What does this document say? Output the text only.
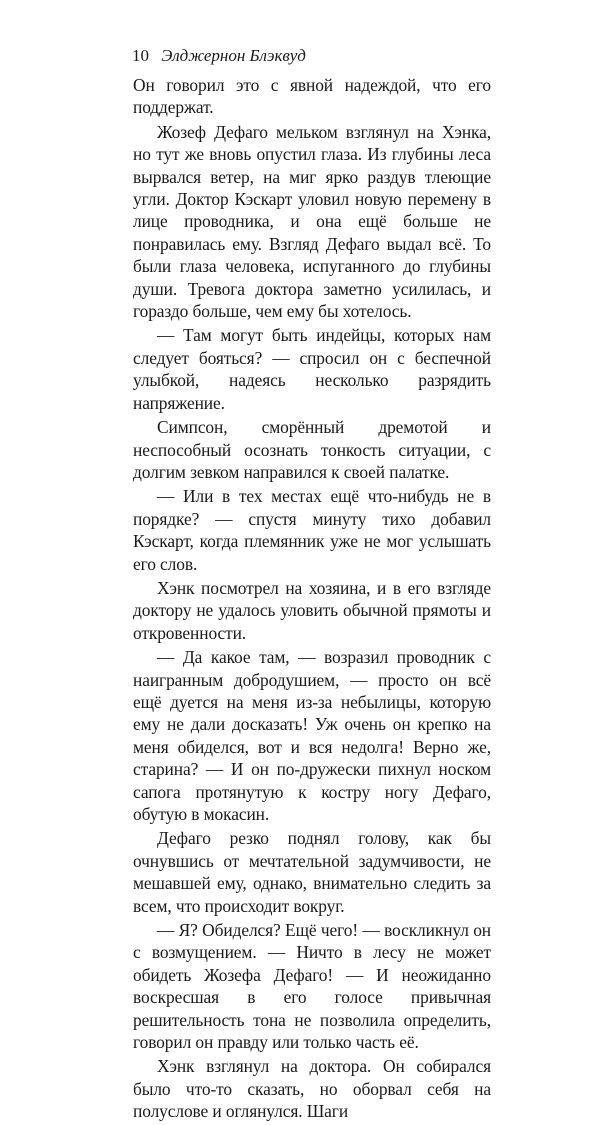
10 Элджернон Блэквуд

Он говорил это с явной надеждой, что его поддержат.

Жозеф Дефаго мельком взглянул на Хэнка, но тут же вновь опустил глаза. Из глубины леса вырвался ветер, на миг ярко раздув тлеющие угли. Доктор Кэскарт уловил новую перемену в лице проводника, и она ещё больше не понравилась ему. Взгляд Дефаго выдал всё. То были глаза человека, испуганного до глубины души. Тревога доктора заметно усилилась, и гораздо больше, чем ему бы хотелось.

— Там могут быть индейцы, которых нам следует бояться? — спросил он с беспечной улыбкой, надеясь несколько разрядить напряжение.

Симпсон, сморённый дремотой и неспособный осознать тонкость ситуации, с долгим зевком направился к своей палатке.

— Или в тех местах ещё что-нибудь не в порядке? — спустя минуту тихо добавил Кэскарт, когда племянник уже не мог услышать его слов.

Хэнк посмотрел на хозяина, и в его взгляде доктору не удалось уловить обычной прямоты и откровенности.

— Да какое там, — возразил проводник с наигранным добродушием, — просто он всё ещё дуется на меня из-за небылицы, которую ему не дали досказать! Уж очень он крепко на меня обиделся, вот и вся недолга! Верно же, старина? — И он по-дружески пихнул носком сапога протянутую к костру ногу Дефаго, обутую в мокасин.

Дефаго резко поднял голову, как бы очнувшись от мечтательной задумчивости, не мешавшей ему, однако, внимательно следить за всем, что происходит вокруг.

— Я? Обиделся? Ещё чего! — воскликнул он с возмущением. — Ничто в лесу не может обидеть Жозефа Дефаго! — И неожиданно воскресшая в его голосе привычная решительность тона не позволила определить, говорил он правду или только часть её.

Хэнк взглянул на доктора. Он собирался было что-то сказать, но оборвал себя на полуслове и оглянулся. Шаги
